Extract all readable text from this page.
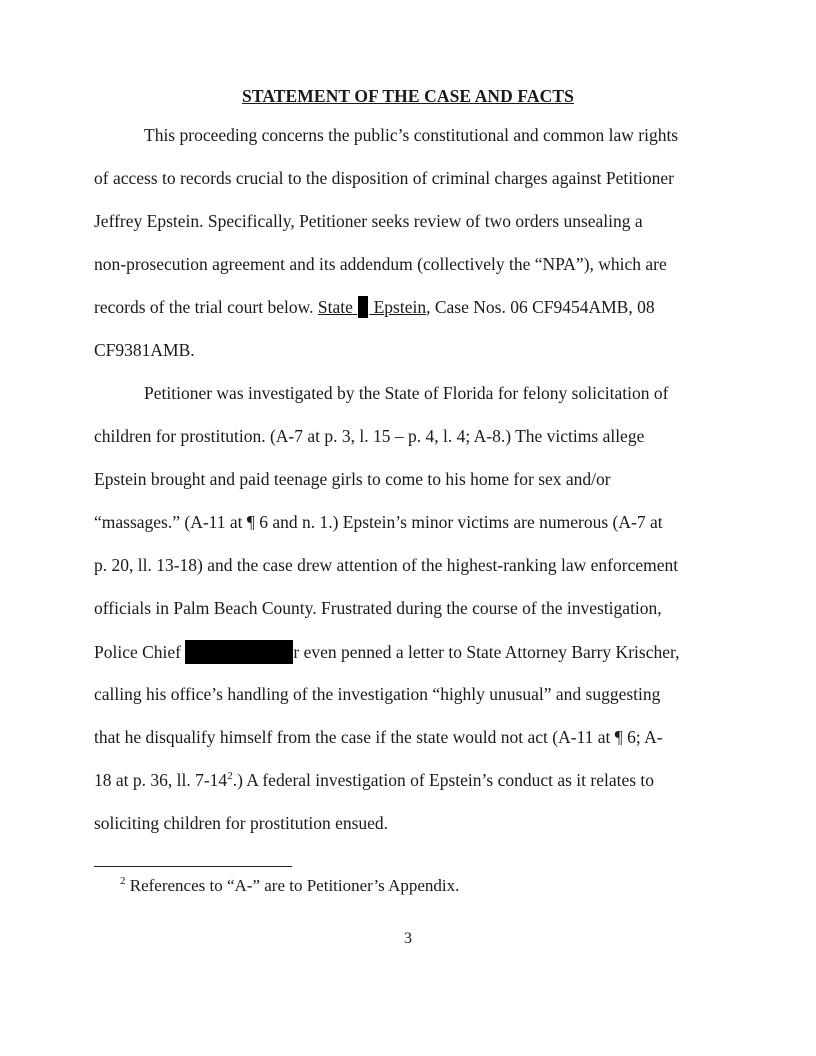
STATEMENT OF THE CASE AND FACTS
This proceeding concerns the public’s constitutional and common law rights
of access to records crucial to the disposition of criminal charges against Petitioner
Jeffrey Epstein. Specifically, Petitioner seeks review of two orders unsealing a
non-prosecution agreement and its addendum (collectively the “NPA”), which are
records of the trial court below. State  Epstein, Case Nos. 06 CF9454AMB, 08
CF9381AMB.
Petitioner was investigated by the State of Florida for felony solicitation of
children for prostitution. (A-7 at p. 3, l. 15 – p. 4, l. 4; A-8.) The victims allege
Epstein brought and paid teenage girls to come to his home for sex and/or
“massages.” (A-11 at ¶ 6 and n. 1.) Epstein’s minor victims are numerous (A-7 at
p. 20, ll. 13-18) and the case drew attention of the highest-ranking law enforcement
officials in Palm Beach County. Frustrated during the course of the investigation,
Police Chief	r even penned a letter to State Attorney Barry Krischer,
calling his office’s handling of the investigation “highly unusual” and suggesting
that he disqualify himself from the case if the state would not act (A-11 at ¶ 6; A-
18 at p. 36, ll. $7-14^2$.) A federal investigation of Epstein’s conduct as it relates to
soliciting children for prostitution ensued.
$^2$ References to “A-” are to Petitioner’s Appendix.
3
